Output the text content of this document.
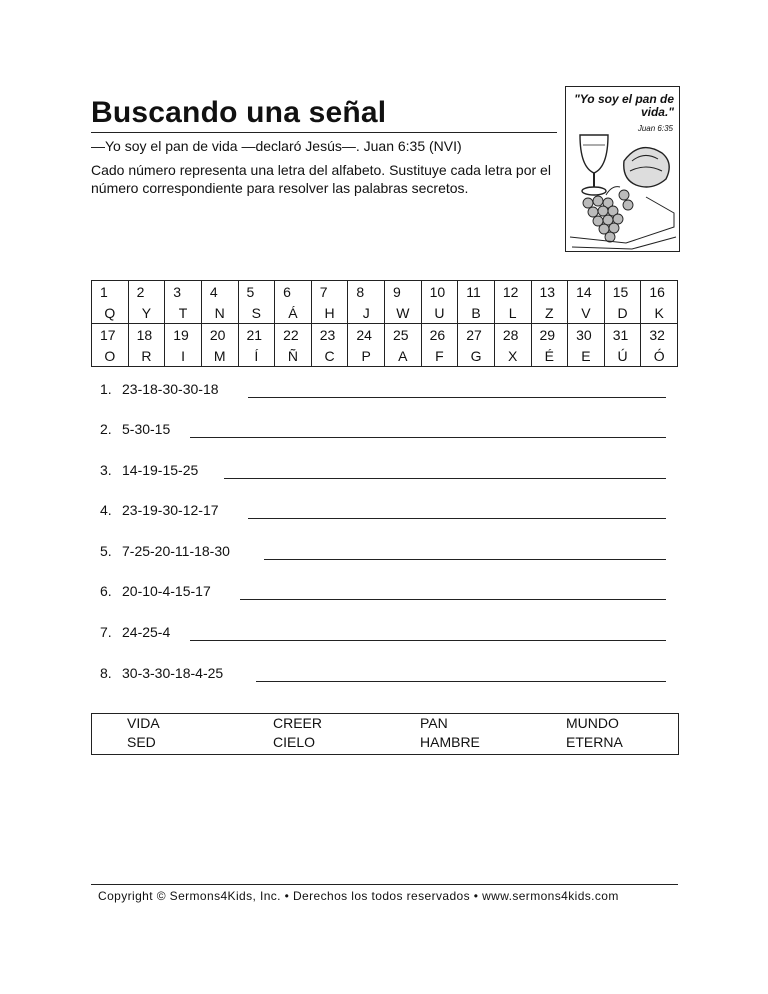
Buscando una señal
—Yo soy el pan de vida —declaró Jesús—. Juan 6:35 (NVI)
Cado número representa una letra del alfabeto. Sustituye cada letra por el número correspondiente para resolver las palabras secretos.
"Yo soy el pan de vida."
Juan 6:35
1	2	3	4	5	6	7	8	9	10	11	12	13	14	15	16
Q	Y	T	N	S	Á	H	J	W	U	B	L	Z	V	D	K
17	18	19	20	21	22	23	24	25	26	27	28	29	30	31	32
O	R	I	M	Í	Ñ	C	P	A	F	G	X	É	E	Ú	Ó
1. 23-18-30-30-18
2. 5-30-15
3. 14-19-15-25
4. 23-19-30-12-17
5. 7-25-20-11-18-30
6. 20-10-4-15-17
7. 24-25-4
8. 30-3-30-18-4-25
VIDA	CREER	PAN	MUNDO
SED	CIELO	HAMBRE	ETERNA
Copyright © Sermons4Kids, Inc. • Derechos los todos reservados • www.sermons4kids.com
